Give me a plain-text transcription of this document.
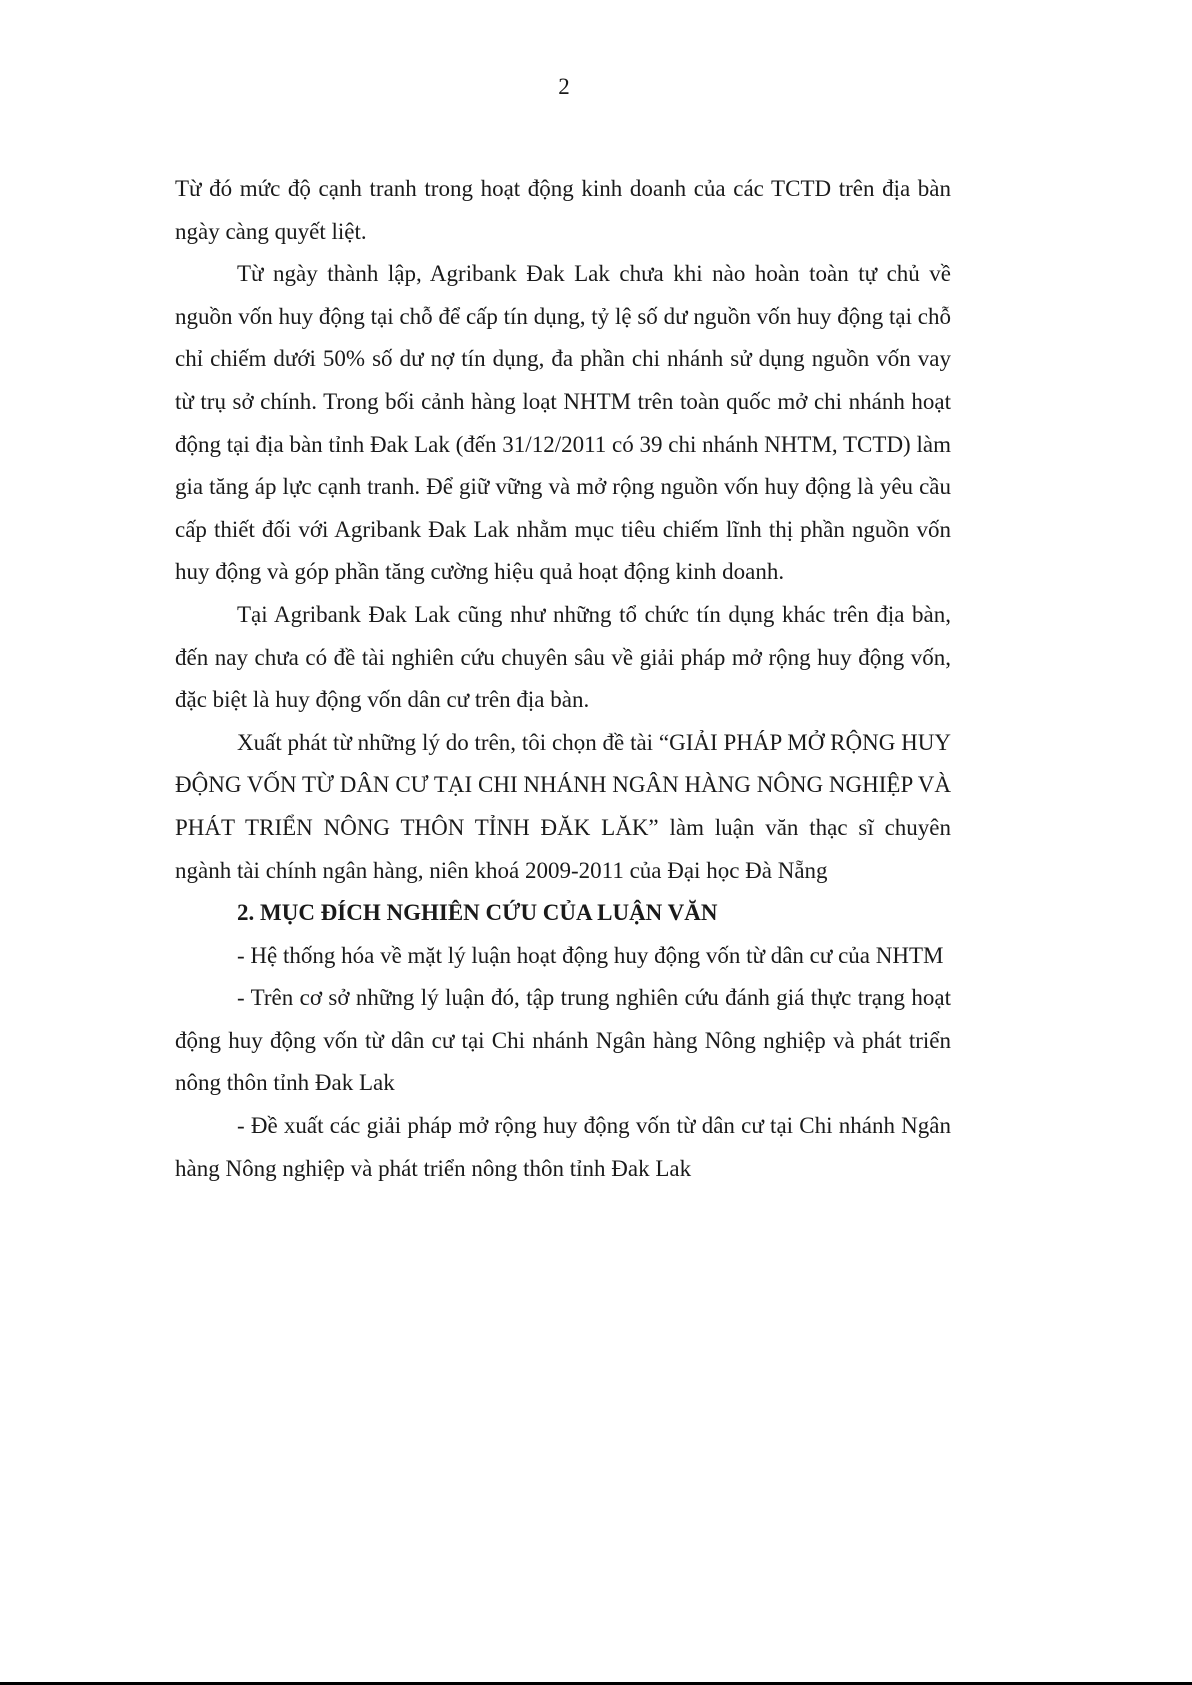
2

Từ đó mức độ cạnh tranh trong hoạt động kinh doanh của các TCTD trên địa bàn ngày càng quyết liệt.

Từ ngày thành lập, Agribank Đak Lak chưa khi nào hoàn toàn tự chủ về nguồn vốn huy động tại chỗ để cấp tín dụng, tỷ lệ số dư nguồn vốn huy động tại chỗ chỉ chiếm dưới 50% số dư nợ tín dụng, đa phần chi nhánh sử dụng nguồn vốn vay từ trụ sở chính. Trong bối cảnh hàng loạt NHTM trên toàn quốc mở chi nhánh hoạt động tại địa bàn tỉnh Đak Lak (đến 31/12/2011 có 39 chi nhánh NHTM, TCTD) làm gia tăng áp lực cạnh tranh. Để giữ vững và mở rộng nguồn vốn huy động là yêu cầu cấp thiết đối với Agribank Đak Lak nhằm mục tiêu chiếm lĩnh thị phần nguồn vốn huy động và góp phần tăng cường hiệu quả hoạt động kinh doanh.

Tại Agribank Đak Lak cũng như những tổ chức tín dụng khác trên địa bàn, đến nay chưa có đề tài nghiên cứu chuyên sâu về giải pháp mở rộng huy động vốn, đặc biệt là huy động vốn dân cư trên địa bàn.

Xuất phát từ những lý do trên, tôi chọn đề tài “GIẢI PHÁP MỞ RỘNG HUY ĐỘNG VỐN TỪ DÂN CƯ TẠI CHI NHÁNH NGÂN HÀNG NÔNG NGHIỆP VÀ PHÁT TRIỂN NÔNG THÔN TỈNH ĐĂK LĂK” làm luận văn thạc sĩ chuyên ngành tài chính ngân hàng, niên khoá 2009-2011 của Đại học Đà Nẵng

2. MỤC ĐÍCH NGHIÊN CỨU CỦA LUẬN VĂN

- Hệ thống hóa về mặt lý luận hoạt động huy động vốn từ dân cư của NHTM

- Trên cơ sở những lý luận đó, tập trung nghiên cứu đánh giá thực trạng hoạt động huy động vốn từ dân cư tại Chi nhánh Ngân hàng Nông nghiệp và phát triển nông thôn tỉnh Đak Lak

- Đề xuất các giải pháp mở rộng huy động vốn từ dân cư tại Chi nhánh Ngân hàng Nông nghiệp và phát triển nông thôn tỉnh Đak Lak
